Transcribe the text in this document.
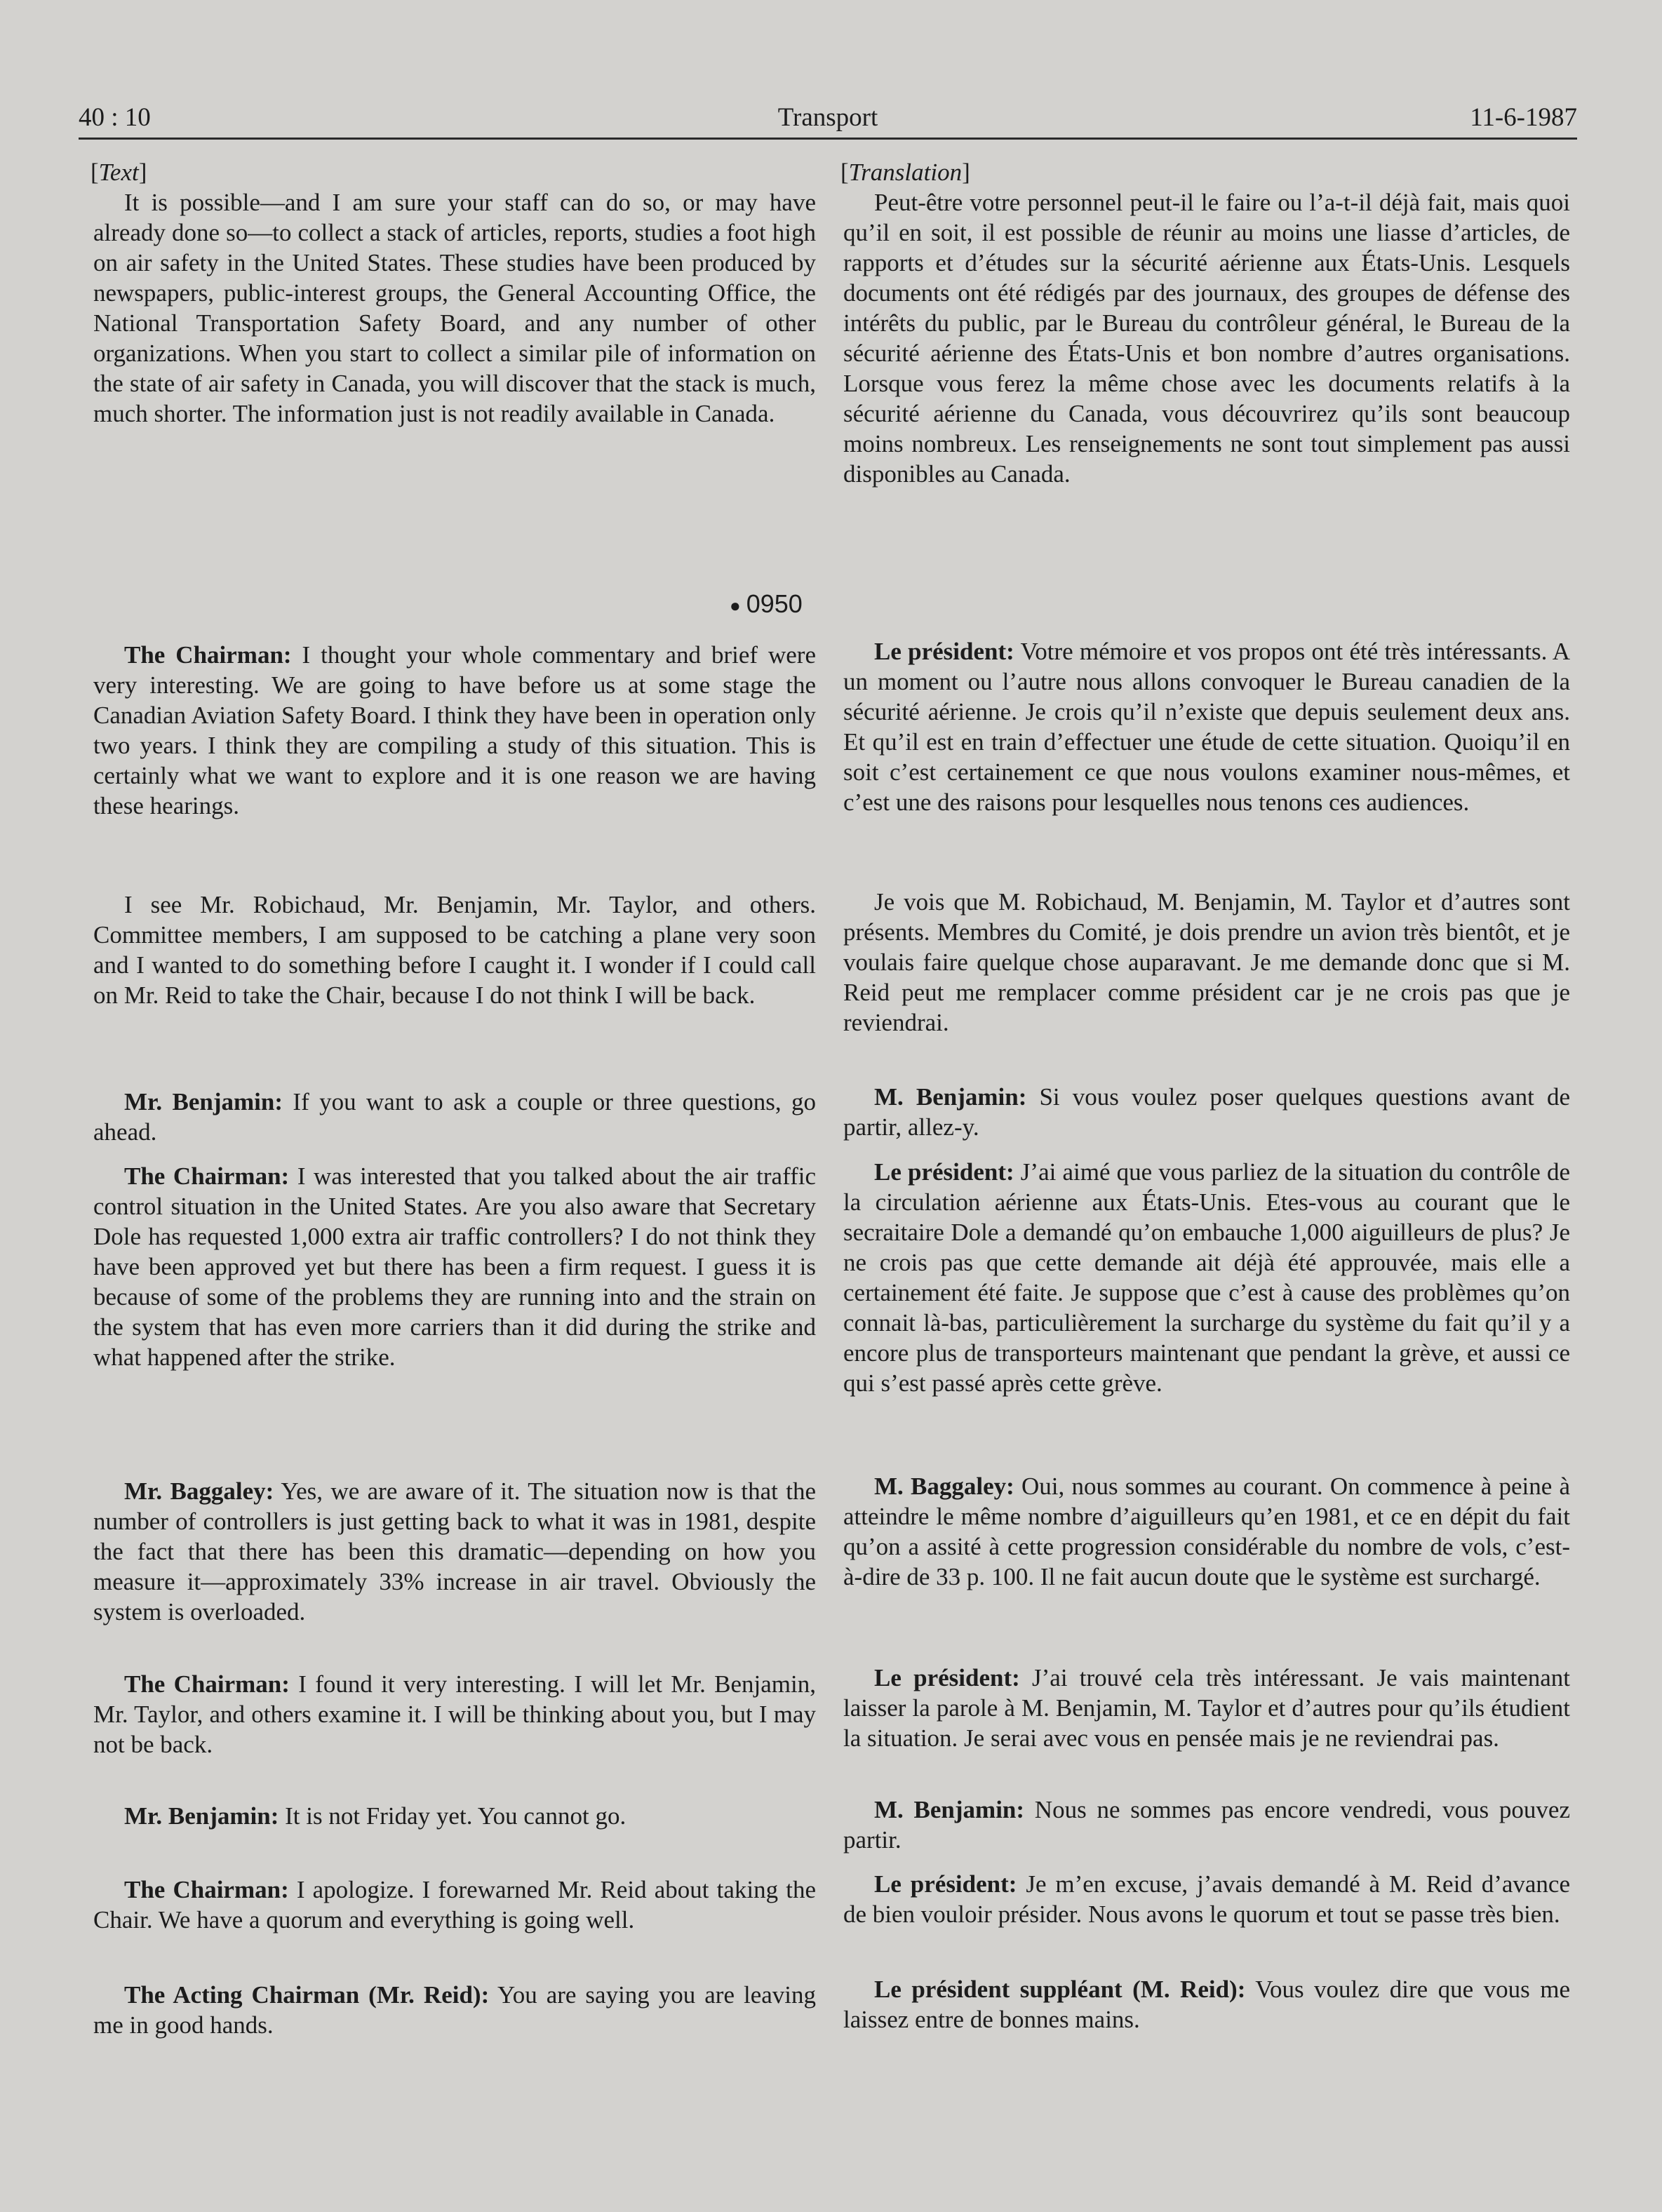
40 : 10	Transport	11-6-1987
● 0950
[Text]

It is possible—and I am sure your staff can do so, or may have already done so—to collect a stack of articles, reports, studies a foot high on air safety in the United States. These studies have been produced by newspapers, public-interest groups, the General Accounting Office, the National Transportation Safety Board, and any number of other organizations. When you start to collect a similar pile of information on the state of air safety in Canada, you will discover that the stack is much, much shorter. The information just is not readily available in Canada.

The Chairman: I thought your whole commentary and brief were very interesting. We are going to have before us at some stage the Canadian Aviation Safety Board. I think they have been in operation only two years. I think they are compiling a study of this situation. This is certainly what we want to explore and it is one reason we are having these hearings.

I see Mr. Robichaud, Mr. Benjamin, Mr. Taylor, and others. Committee members, I am supposed to be catching a plane very soon and I wanted to do something before I caught it. I wonder if I could call on Mr. Reid to take the Chair, because I do not think I will be back.

Mr. Benjamin: If you want to ask a couple or three questions, go ahead.

The Chairman: I was interested that you talked about the air traffic control situation in the United States. Are you also aware that Secretary Dole has requested 1,000 extra air traffic controllers? I do not think they have been approved yet but there has been a firm request. I guess it is because of some of the problems they are running into and the strain on the system that has even more carriers than it did during the strike and what happened after the strike.

Mr. Baggaley: Yes, we are aware of it. The situation now is that the number of controllers is just getting back to what it was in 1981, despite the fact that there has been this dramatic—depending on how you measure it—approximately 33% increase in air travel. Obviously the system is overloaded.

The Chairman: I found it very interesting. I will let Mr. Benjamin, Mr. Taylor, and others examine it. I will be thinking about you, but I may not be back.

Mr. Benjamin: It is not Friday yet. You cannot go.

The Chairman: I apologize. I forewarned Mr. Reid about taking the Chair. We have a quorum and everything is going well.

The Acting Chairman (Mr. Reid): You are saying you are leaving me in good hands.

[Translation]

Peut-être votre personnel peut-il le faire ou l’a-t-il déjà fait, mais quoi qu’il en soit, il est possible de réunir au moins une liasse d’articles, de rapports et d’études sur la sécurité aérienne aux États-Unis. Lesquels documents ont été rédigés par des journaux, des groupes de défense des intérêts du public, par le Bureau du contrôleur général, le Bureau de la sécurité aérienne des États-Unis et bon nombre d’autres organisations. Lorsque vous ferez la même chose avec les documents relatifs à la sécurité aérienne du Canada, vous découvrirez qu’ils sont beaucoup moins nombreux. Les renseignements ne sont tout simplement pas aussi disponibles au Canada.

Le président: Votre mémoire et vos propos ont été très intéressants. A un moment ou l’autre nous allons convoquer le Bureau canadien de la sécurité aérienne. Je crois qu’il n’existe que depuis seulement deux ans. Et qu’il est en train d’effectuer une étude de cette situation. Quoiqu’il en soit c’est certainement ce que nous voulons examiner nous-mêmes, et c’est une des raisons pour lesquelles nous tenons ces audiences.

Je vois que M. Robichaud, M. Benjamin, M. Taylor et d’autres sont présents. Membres du Comité, je dois prendre un avion très bientôt, et je voulais faire quelque chose auparavant. Je me demande donc que si M. Reid peut me remplacer comme président car je ne crois pas que je reviendrai.

M. Benjamin: Si vous voulez poser quelques questions avant de partir, allez-y.

Le président: J’ai aimé que vous parliez de la situation du contrôle de la circulation aérienne aux États-Unis. Etes-vous au courant que le secraitaire Dole a demandé qu’on embauche 1,000 aiguilleurs de plus? Je ne crois pas que cette demande ait déjà été approuvée, mais elle a certainement été faite. Je suppose que c’est à cause des problèmes qu’on connait là-bas, particulièrement la surcharge du système du fait qu’il y a encore plus de transporteurs maintenant que pendant la grève, et aussi ce qui s’est passé après cette grève.

M. Baggaley: Oui, nous sommes au courant. On commence à peine à atteindre le même nombre d’aiguilleurs qu’en 1981, et ce en dépit du fait qu’on a assité à cette progression considérable du nombre de vols, c’est-à-dire de 33 p. 100. Il ne fait aucun doute que le système est surchargé.

Le président: J’ai trouvé cela très intéressant. Je vais maintenant laisser la parole à M. Benjamin, M. Taylor et d’autres pour qu’ils étudient la situation. Je serai avec vous en pensée mais je ne reviendrai pas.

M. Benjamin: Nous ne sommes pas encore vendredi, vous pouvez partir.

Le président: Je m’en excuse, j’avais demandé à M. Reid d’avance de bien vouloir présider. Nous avons le quorum et tout se passe très bien.

Le président suppléant (M. Reid): Vous voulez dire que vous me laissez entre de bonnes mains.
